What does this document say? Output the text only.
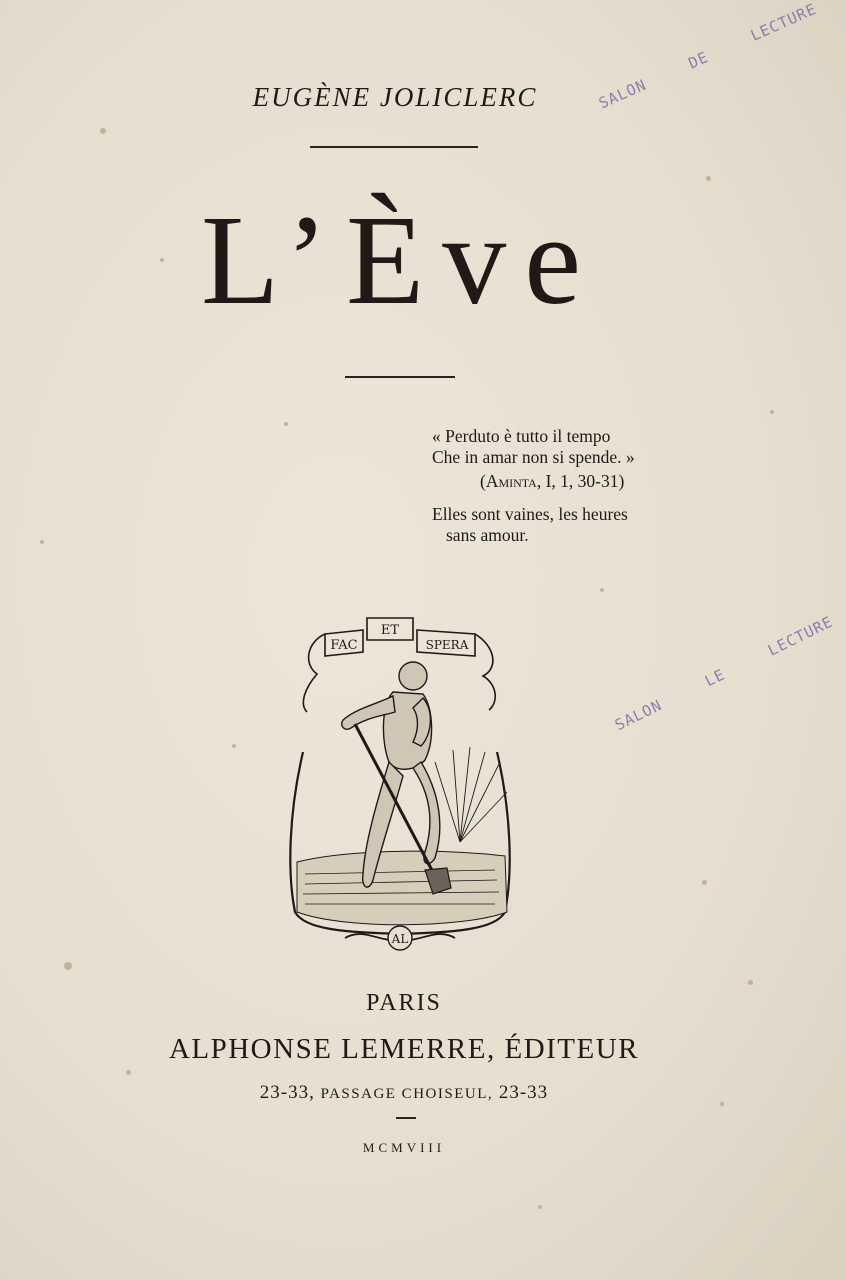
EUGÈNE JOLICLERC
L’Ève
« Perduto è tutto il tempo
Che in amar non si spende. »
(Aminta, I, 1, 30-31)
Elles sont vaines, les heures
sans amour.
SALON DE LECTURE
SALON LE LECTURE
FAC
ET
SPERA
AL
PARIS
ALPHONSE LEMERRE, ÉDITEUR
23-33, PASSAGE CHOISEUL, 23-33
MCMVIII
